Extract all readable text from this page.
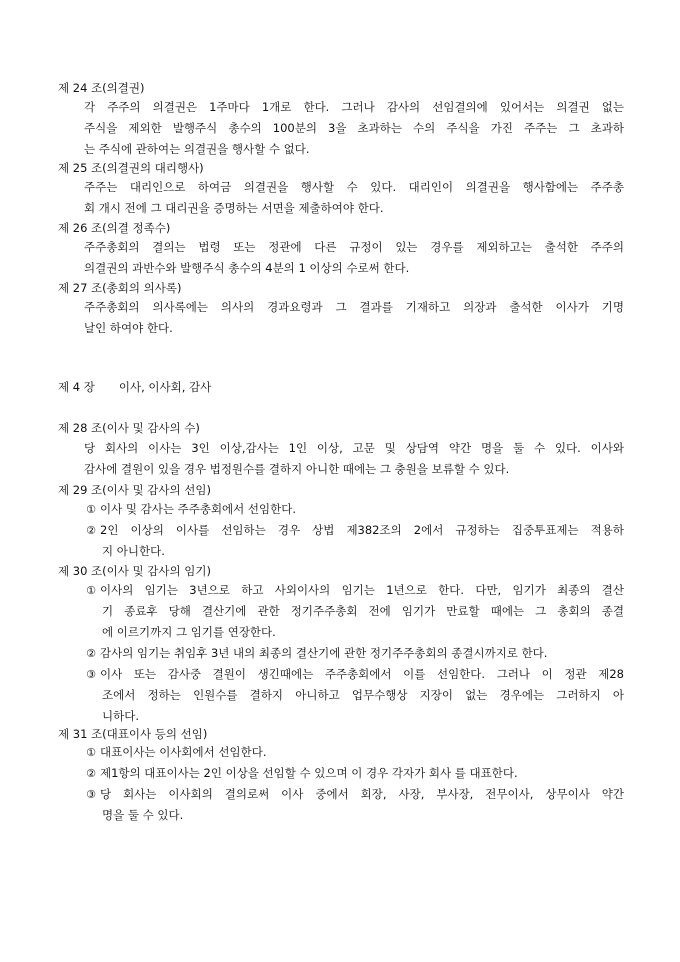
제 24 조(의결권)
각 주주의 의결권은 1주마다 1개로 한다. 그러나 감사의 선임결의에 있어서는 의결권 없는
주식을 제외한 발행주식 총수의 100분의 3을 초과하는 수의 주식을 가진 주주는 그 초과하
는 주식에 관하여는 의결권을 행사할 수 없다.
제 25 조(의결권의 대리행사)
주주는 대리인으로 하여금 의결권을 행사할 수 있다. 대리인이 의결권을 행사함에는 주주총
회 개시 전에 그 대리권을 증명하는 서면을 제출하여야 한다.
제 26 조(의결 정족수)
주주총회의 결의는 법령 또는 정관에 다른 규정이 있는 경우를 제외하고는 출석한 주주의
의결권의 과반수와 발행주식 총수의 4분의 1 이상의 수로써 한다.
제 27 조(총회의 의사록)
주주총회의 의사록에는 의사의 경과요령과 그 결과를 기재하고 의장과 출석한 이사가 기명
날인 하여야 한다.
제 4 장 이사, 이사회, 감사
제 28 조(이사 및 감사의 수)
당 회사의 이사는 3인 이상,감사는 1인 이상, 고문 및 상담역 약간 명을 둘 수 있다. 이사와
감사에 결원이 있을 경우 법정원수를 결하지 아니한 때에는 그 충원을 보류할 수 있다.
제 29 조(이사 및 감사의 선임)
① 이사 및 감사는 주주총회에서 선임한다.
② 2인 이상의 이사를 선임하는 경우 상법 제382조의 2에서 규정하는 집중투표제는 적용하
지 아니한다.
제 30 조(이사 및 감사의 임기)
① 이사의 임기는 3년으로 하고 사외이사의 임기는 1년으로 한다. 다만, 임기가 최종의 결산
기 종료후 당해 결산기에 관한 정기주주총회 전에 임기가 만료할 때에는 그 총회의 종결
에 이르기까지 그 임기를 연장한다.
② 감사의 임기는 취임후 3년 내의 최종의 결산기에 관한 정기주주총회의 종결시까지로 한다.
③ 이사 또는 감사중 결원이 생긴때에는 주주총회에서 이를 선임한다. 그러나 이 정관 제28
조에서 정하는 인원수를 결하지 아니하고 업무수행상 지장이 없는 경우에는 그러하지 아
니하다.
제 31 조(대표이사 등의 선임)
① 대표이사는 이사회에서 선임한다.
② 제1항의 대표이사는 2인 이상을 선임할 수 있으며 이 경우 각자가 회사 를 대표한다.
③ 당 회사는 이사회의 결의로써 이사 중에서 회장, 사장, 부사장, 전무이사, 상무이사 약간
명을 둘 수 있다.
